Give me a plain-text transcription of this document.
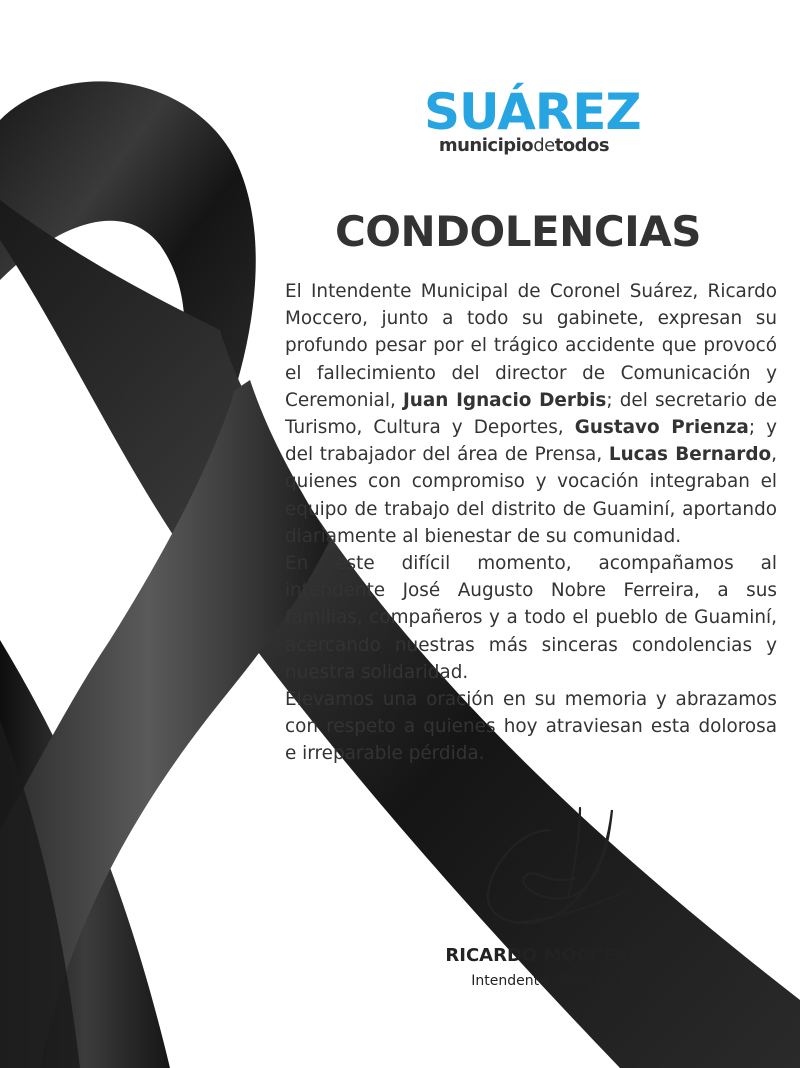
SUÁREZ
municipiodetodos
CONDOLENCIAS

El Intendente Municipal de Coronel Suárez, Ricardo Moccero, junto a todo su gabinete, expresan su profundo pesar por el trágico accidente que provocó el fallecimiento del director de Comunicación y Ceremonial, Juan Ignacio Derbis; del secretario de Turismo, Cultura y Deportes, Gustavo Prienza; y del trabajador del área de Prensa, Lucas Bernardo, quienes con compromiso y vocación integraban el equipo de trabajo del distrito de Guaminí, aportando diariamente al bienestar de su comunidad.

En este difícil momento, acompañamos al intendente José Augusto Nobre Ferreira, a sus familias, compañeros y a todo el pueblo de Guaminí, acercando nuestras más sinceras condolencias y nuestra solidaridad.

Elevamos una oración en su memoria y abrazamos con respeto a quienes hoy atraviesan esta dolorosa e irreparable pérdida.

RICARDO MOCCERO
Intendente Municipal
